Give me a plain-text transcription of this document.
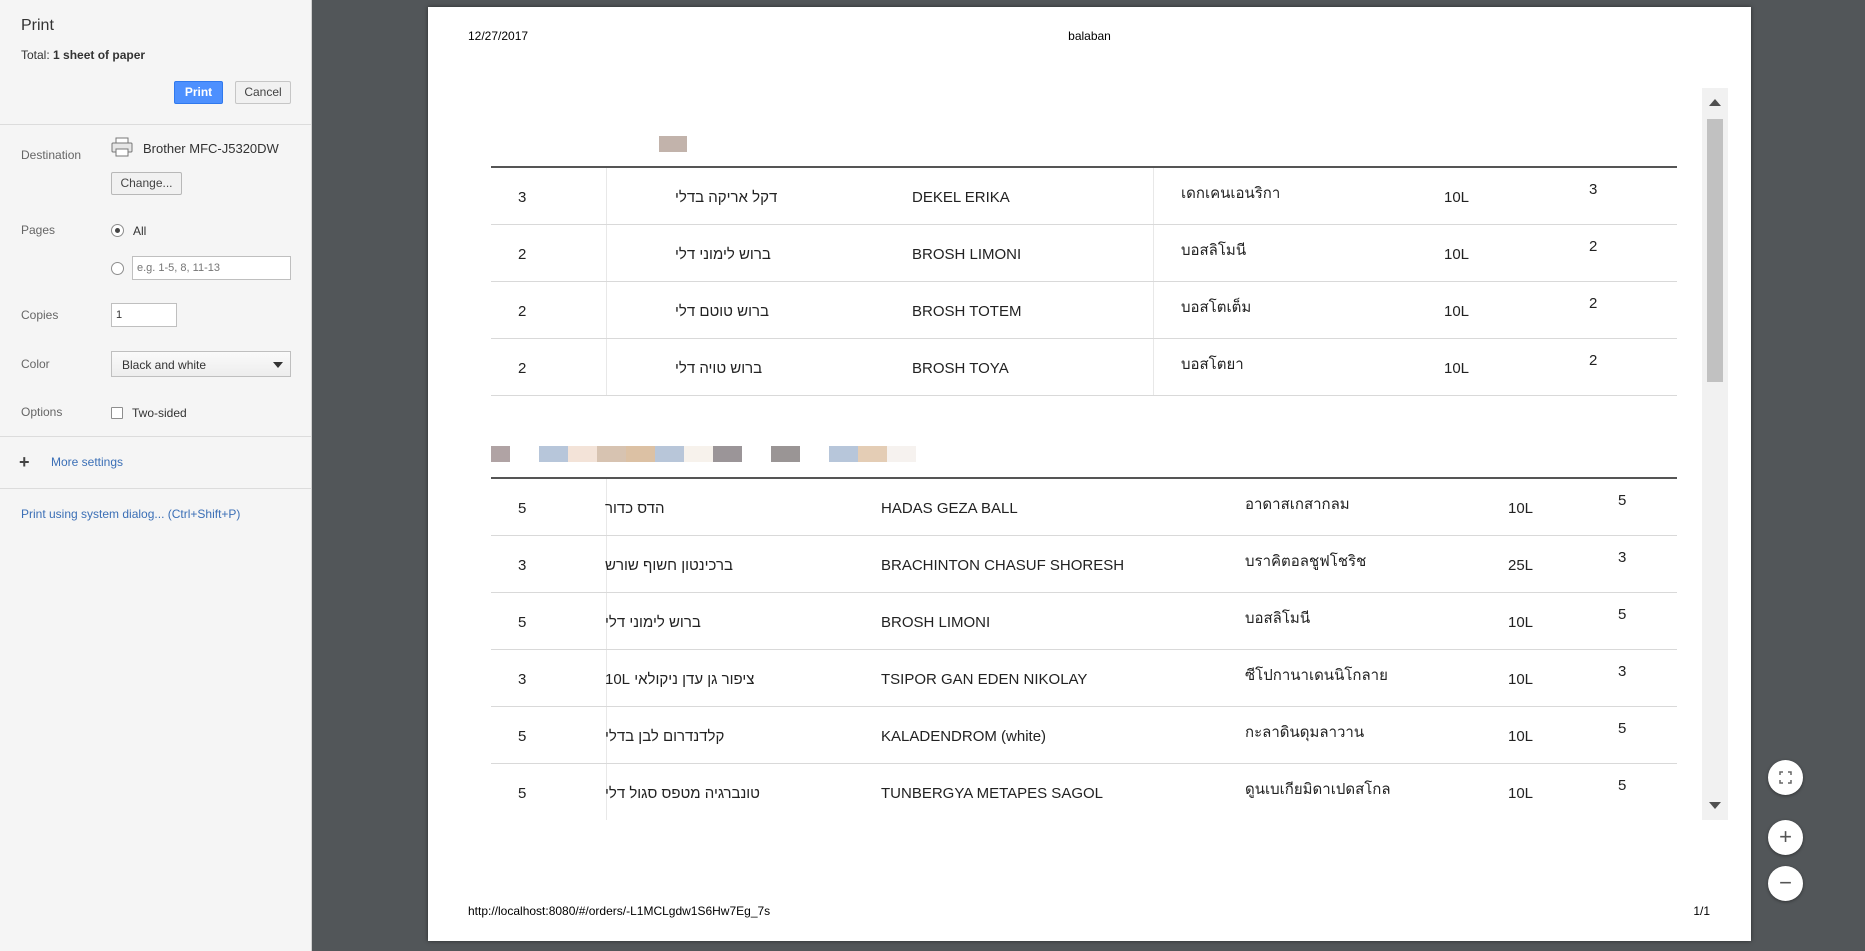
Print
Total: 1 sheet of paper
Print	Cancel
Destination	Brother MFC-J5320DW
Change...
Pages	All
e.g. 1-5, 8, 11-13
Copies
1
Color	Black and white
Options	Two-sided
+ More settings
Print using system dialog... (Ctrl+Shift+P)
12/27/2017	balaban
3	דקל אריקה בדלי	DEKEL ERIKA	เดกเคนเอนริกา	10L	3
2	ברוש לימוני דלי	BROSH LIMONI	บอสลิโมนี	10L	2
2	ברוש טוטם דלי	BROSH TOTEM	บอสโตเต็ม	10L	2
2	ברוש טויה דלי	BROSH TOYA	บอสโตยา	10L	2
5	הדס כדור	HADAS GEZA BALL	อาดาสเกสากลม	10L	5
3	ברכינטון חשוף שורש	BRACHINTON CHASUF SHORESH	บราคิตอลชูฟโชริช	25L	3
5	ברוש לימוני דלי	BROSH LIMONI	บอสลิโมนี	10L	5
3	צ‏יפור גן עדן ניקולאי 10L	TSIPOR GAN EDEN NIKOLAY	ซีโปกานาเดนนิโกลาย	10L	3
5	קלדנדרום לבן בדלי	KALADENDROM (white)	กะลาดินดุมลาวาน	10L	5
5	טונברגיה מטפס סגול דלי	TUNBERGYA METAPES SAGOL	ดูนเบเกียมิดาเปดสโกล	10L	5
http://localhost:8080/#/orders/-L1MCLgdw1S6Hw7Eg_7s	1/1
+
−
